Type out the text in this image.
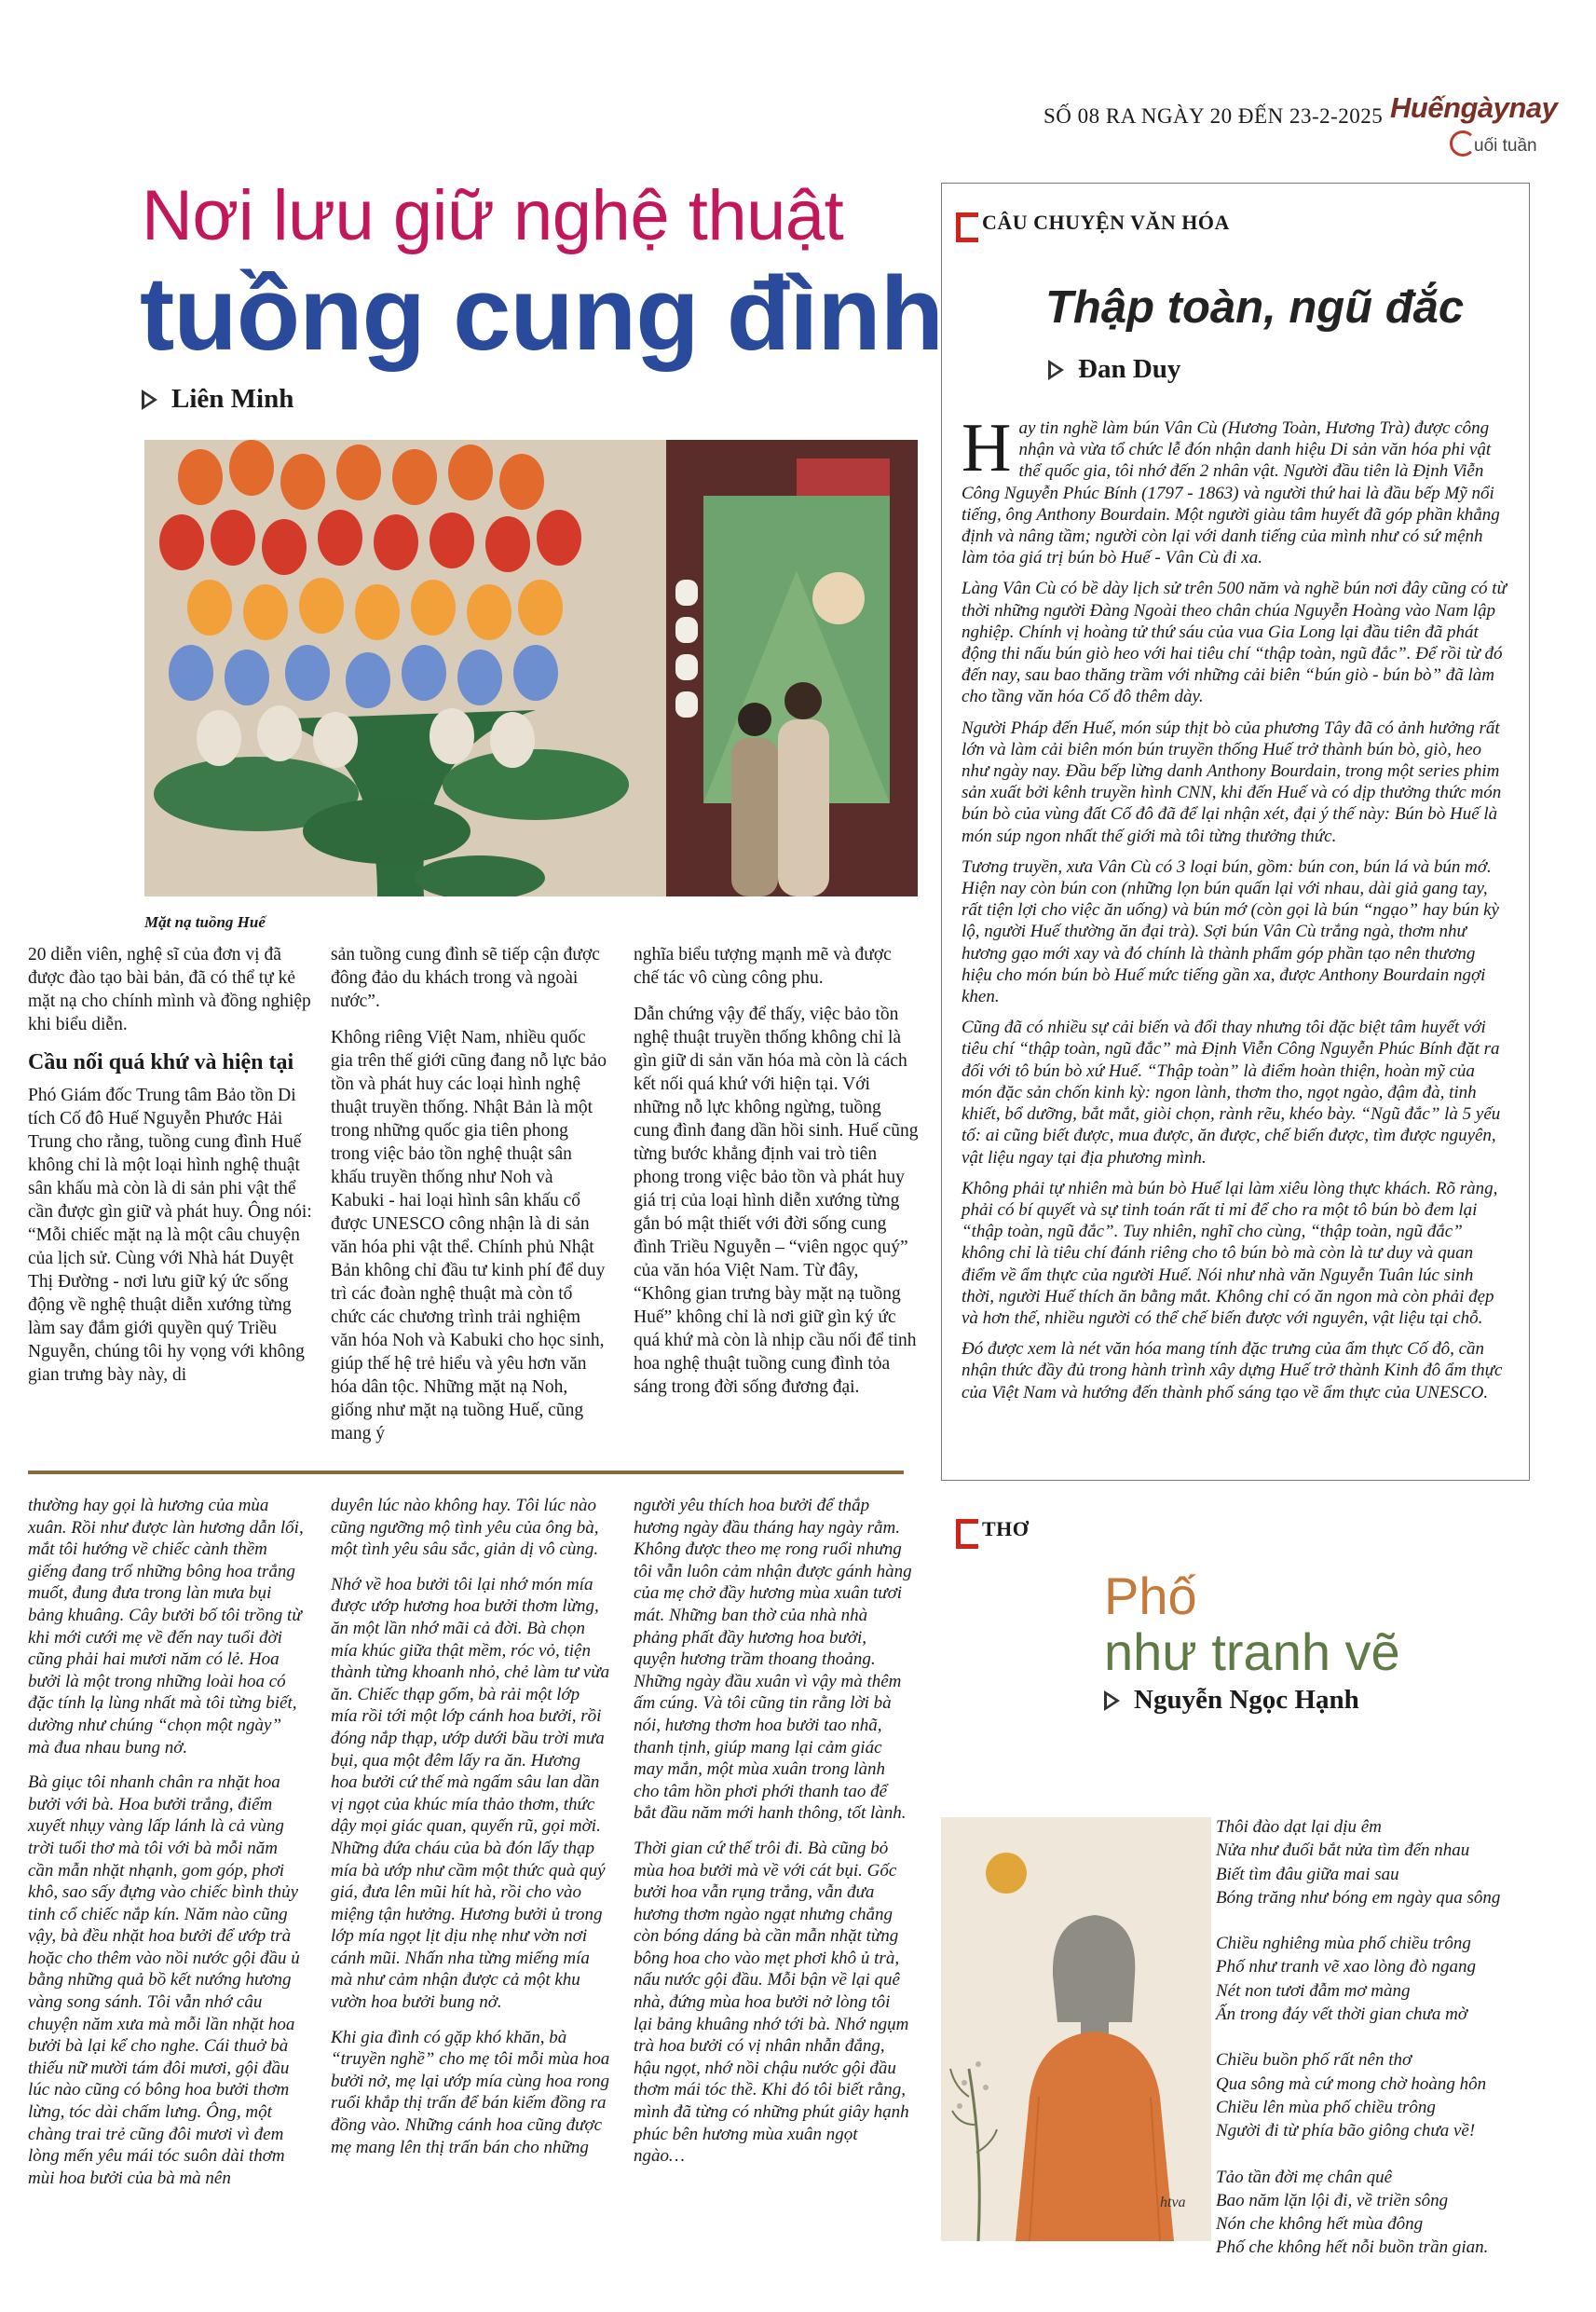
SỐ 08 RA NGÀY 20 ĐẾN 23-2-2025 Huếngàynay
uối tuần
Nơi lưu giữ nghệ thuật
tuồng cung đình
Liên Minh
Mặt nạ tuồng Huế

20 diễn viên, nghệ sĩ của đơn vị đã được đào tạo bài bản, đã có thể tự kẻ mặt nạ cho chính mình và đồng nghiệp khi biểu diễn.

Cầu nối quá khứ và hiện tại

Phó Giám đốc Trung tâm Bảo tồn Di tích Cố đô Huế Nguyễn Phước Hải Trung cho rằng, tuồng cung đình Huế không chỉ là một loại hình nghệ thuật sân khấu mà còn là di sản phi vật thể cần được gìn giữ và phát huy. Ông nói: “Mỗi chiếc mặt nạ là một câu chuyện của lịch sử. Cùng với Nhà hát Duyệt Thị Đường - nơi lưu giữ ký ức sống động về nghệ thuật diễn xướng từng làm say đắm giới quyền quý Triều Nguyễn, chúng tôi hy vọng với không gian trưng bày này, di

sản tuồng cung đình sẽ tiếp cận được đông đảo du khách trong và ngoài nước”.

Không riêng Việt Nam, nhiều quốc gia trên thế giới cũng đang nỗ lực bảo tồn và phát huy các loại hình nghệ thuật truyền thống. Nhật Bản là một trong những quốc gia tiên phong trong việc bảo tồn nghệ thuật sân khấu truyền thống như Noh và Kabuki - hai loại hình sân khấu cổ được UNESCO công nhận là di sản văn hóa phi vật thể. Chính phủ Nhật Bản không chỉ đầu tư kinh phí để duy trì các đoàn nghệ thuật mà còn tổ chức các chương trình trải nghiệm văn hóa Noh và Kabuki cho học sinh, giúp thế hệ trẻ hiểu và yêu hơn văn hóa dân tộc. Những mặt nạ Noh, giống như mặt nạ tuồng Huế, cũng mang ý

nghĩa biểu tượng mạnh mẽ và được chế tác vô cùng công phu.

Dẫn chứng vậy để thấy, việc bảo tồn nghệ thuật truyền thống không chỉ là gìn giữ di sản văn hóa mà còn là cách kết nối quá khứ với hiện tại. Với những nỗ lực không ngừng, tuồng cung đình đang dần hồi sinh. Huế cũng từng bước khẳng định vai trò tiên phong trong việc bảo tồn và phát huy giá trị của loại hình diễn xướng từng gắn bó mật thiết với đời sống cung đình Triều Nguyễn – “viên ngọc quý” của văn hóa Việt Nam. Từ đây, “Không gian trưng bày mặt nạ tuồng Huế” không chỉ là nơi giữ gìn ký ức quá khứ mà còn là nhịp cầu nối để tinh hoa nghệ thuật tuồng cung đình tỏa sáng trong đời sống đương đại.

CÂU CHUYỆN VĂN HÓA
Thập toàn, ngũ đắc
Đan Duy

Hay tin nghề làm bún Vân Cù (Hương Toàn, Hương Trà) được công nhận và vừa tổ chức lễ đón nhận danh hiệu Di sản văn hóa phi vật thể quốc gia, tôi nhớ đến 2 nhân vật. Người đầu tiên là Định Viễn Công Nguyễn Phúc Bính (1797 - 1863) và người thứ hai là đầu bếp Mỹ nổi tiếng, ông Anthony Bourdain. Một người giàu tâm huyết đã góp phần khẳng định và nâng tầm; người còn lại với danh tiếng của mình như có sứ mệnh làm tỏa giá trị bún bò Huế - Vân Cù đi xa.

Làng Vân Cù có bề dày lịch sử trên 500 năm và nghề bún nơi đây cũng có từ thời những người Đàng Ngoài theo chân chúa Nguyễn Hoàng vào Nam lập nghiệp. Chính vị hoàng tử thứ sáu của vua Gia Long lại đầu tiên đã phát động thi nấu bún giò heo với hai tiêu chí “thập toàn, ngũ đắc”. Để rồi từ đó đến nay, sau bao thăng trầm với những cải biên “bún giò - bún bò” đã làm cho tầng văn hóa Cố đô thêm dày.

Người Pháp đến Huế, món súp thịt bò của phương Tây đã có ảnh hưởng rất lớn và làm cải biên món bún truyền thống Huế trở thành bún bò, giò, heo như ngày nay. Đầu bếp lừng danh Anthony Bourdain, trong một series phim sản xuất bởi kênh truyền hình CNN, khi đến Huế và có dịp thưởng thức món bún bò của vùng đất Cố đô đã để lại nhận xét, đại ý thế này: Bún bò Huế là món súp ngon nhất thế giới mà tôi từng thưởng thức.

Tương truyền, xưa Vân Cù có 3 loại bún, gồm: bún con, bún lá và bún mớ. Hiện nay còn bún con (những lọn bún quấn lại với nhau, dài giả gang tay, rất tiện lợi cho việc ăn uống) và bún mớ (còn gọi là bún “ngạo” hay bún kỳ lộ, người Huế thường ăn đại trà). Sợi bún Vân Cù trắng ngà, thơm như hương gạo mới xay và đó chính là thành phẩm góp phần tạo nên thương hiệu cho món bún bò Huế mức tiếng gần xa, được Anthony Bourdain ngợi khen.

Cũng đã có nhiều sự cải biến và đổi thay nhưng tôi đặc biệt tâm huyết với tiêu chí “thập toàn, ngũ đắc” mà Định Viễn Công Nguyễn Phúc Bính đặt ra đối với tô bún bò xứ Huế. “Thập toàn” là điểm hoàn thiện, hoàn mỹ của món đặc sản chốn kinh kỳ: ngon lành, thơm tho, ngọt ngào, đậm đà, tinh khiết, bổ dưỡng, bắt mắt, giòi chọn, rành rẽu, khéo bày. “Ngũ đắc” là 5 yếu tố: ai cũng biết được, mua được, ăn được, chế biến được, tìm được nguyên, vật liệu ngay tại địa phương mình.

Không phải tự nhiên mà bún bò Huế lại làm xiêu lòng thực khách. Rõ ràng, phải có bí quyết và sự tinh toán rất tỉ mỉ để cho ra một tô bún bò đem lại “thập toàn, ngũ đắc”. Tuy nhiên, nghĩ cho cùng, “thập toàn, ngũ đắc” không chỉ là tiêu chí đánh riêng cho tô bún bò mà còn là tư duy và quan điểm về ẩm thực của người Huế. Nói như nhà văn Nguyễn Tuân lúc sinh thời, người Huế thích ăn bằng mắt. Không chỉ có ăn ngon mà còn phải đẹp và hơn thế, nhiều người có thể chế biến được với nguyên, vật liệu tại chỗ.

Đó được xem là nét văn hóa mang tính đặc trưng của ẩm thực Cố đô, cần nhận thức đầy đủ trong hành trình xây dựng Huế trở thành Kinh đô ẩm thực của Việt Nam và hướng đến thành phố sáng tạo về ẩm thực của UNESCO.

thường hay gọi là hương của mùa xuân. Rồi như được làn hương dẫn lối, mắt tôi hướng về chiếc cành thềm giếng đang trổ những bông hoa trắng muốt, đung đưa trong làn mưa bụi bảng khuâng. Cây bưởi bố tôi trồng từ khi mới cưới mẹ về đến nay tuổi đời cũng phải hai mươi năm có lẻ. Hoa bưởi là một trong những loài hoa có đặc tính lạ lùng nhất mà tôi từng biết, dường như chúng “chọn một ngày” mà đua nhau bung nở.

Bà giục tôi nhanh chân ra nhặt hoa bưởi với bà. Hoa bưởi trắng, điểm xuyết nhụy vàng lấp lánh là cả vùng trời tuổi thơ mà tôi với bà mỗi năm cần mẫn nhặt nhạnh, gom góp, phơi khô, sao sấy đựng vào chiếc bình thủy tinh cổ chiếc nắp kín. Năm nào cũng vậy, bà đều nhặt hoa bưởi để ướp trà hoặc cho thêm vào nồi nước gội đầu ủ bằng những quả bồ kết nướng hương vàng song sánh. Tôi vẫn nhớ câu chuyện năm xưa mà mỗi lần nhặt hoa bưởi bà lại kể cho nghe. Cái thuở bà thiếu nữ mười tám đôi mươi, gội đầu lúc nào cũng có bông hoa bưởi thơm lừng, tóc dài chấm lưng. Ông, một chàng trai trẻ cũng đôi mươi vì đem lòng mến yêu mái tóc suôn dài thơm mùi hoa bưởi của bà mà nên

duyên lúc nào không hay. Tôi lúc nào cũng ngưỡng mộ tình yêu của ông bà, một tình yêu sâu sắc, giản dị vô cùng.

Nhớ về hoa bưởi tôi lại nhớ món mía được ướp hương hoa bưởi thơm lừng, ăn một lần nhớ mãi cả đời. Bà chọn mía khúc giữa thật mềm, róc vỏ, tiện thành từng khoanh nhỏ, chẻ làm tư vừa ăn. Chiếc thạp gốm, bà rải một lớp mía rồi tới một lớp cánh hoa bưởi, rồi đóng nắp thạp, ướp dưới bầu trời mưa bụi, qua một đêm lấy ra ăn. Hương hoa bưởi cứ thế mà ngấm sâu lan dần vị ngọt của khúc mía thảo thơm, thức dậy mọi giác quan, quyến rũ, gọi mời. Những đứa cháu của bà đón lấy thạp mía bà ướp như cầm một thức quà quý giá, đưa lên mũi hít hà, rồi cho vào miệng tận hưởng. Hương bưởi ủ trong lớp mía ngọt lịt dịu nhẹ như vờn nơi cánh mũi. Nhấn nha từng miếng mía mà như cảm nhận được cả một khu vườn hoa bưởi bung nở.

Khi gia đình có gặp khó khăn, bà “truyền nghề” cho mẹ tôi mỗi mùa hoa bưởi nở, mẹ lại ướp mía cùng hoa rong ruổi khắp thị trấn để bán kiếm đồng ra đồng vào. Những cánh hoa cũng được mẹ mang lên thị trấn bán cho những

người yêu thích hoa bưởi để thắp hương ngày đầu tháng hay ngày rằm. Không được theo mẹ rong ruổi nhưng tôi vẫn luôn cảm nhận được gánh hàng của mẹ chở đầy hương mùa xuân tươi mát. Những ban thờ của nhà nhà phảng phất đầy hương hoa bưởi, quyện hương trầm thoang thoảng. Những ngày đầu xuân vì vậy mà thêm ấm cúng. Và tôi cũng tin rằng lời bà nói, hương thơm hoa bưởi tao nhã, thanh tịnh, giúp mang lại cảm giác may mắn, một mùa xuân trong lành cho tâm hồn phơi phới thanh tao để bắt đầu năm mới hanh thông, tốt lành.

Thời gian cứ thế trôi đi. Bà cũng bỏ mùa hoa bưởi mà về với cát bụi. Gốc bưởi hoa vẫn rụng trắng, vẫn đưa hương thơm ngào ngạt nhưng chẳng còn bóng dáng bà cần mẫn nhặt từng bông hoa cho vào mẹt phơi khô ủ trà, nấu nước gội đầu. Mỗi bận về lại quê nhà, đứng mùa hoa bưởi nở lòng tôi lại bảng khuâng nhớ tới bà. Nhớ ngụm trà hoa bưởi có vị nhân nhẫn đắng, hậu ngọt, nhớ nồi chậu nước gội đầu thơm mái tóc thề. Khi đó tôi biết rằng, mình đã từng có những phút giây hạnh phúc bên hương mùa xuân ngọt ngào…

THƠ
Phố
như tranh vẽ
Nguyễn Ngọc Hạnh
htva

Thôi đào dạt lại dịu êm
Nửa như đuối bắt nửa tìm đến nhau
Biết tìm đâu giữa mai sau
Bóng trăng như bóng em ngày qua sông

Chiều nghiêng mùa phố chiều trông
Phố như tranh vẽ xao lòng đò ngang
Nét non tươi đẫm mơ màng
Ấn trong đáy vết thời gian chưa mờ

Chiều buồn phố rất nên thơ
Qua sông mà cứ mong chờ hoàng hôn
Chiều lên mùa phố chiều trông
Người đi từ phía bão giông chưa về!

Tảo tần đời mẹ chân quê
Bao năm lặn lội đi, về triền sông
Nón che không hết mùa đông
Phố che không hết nỗi buồn trần gian.
